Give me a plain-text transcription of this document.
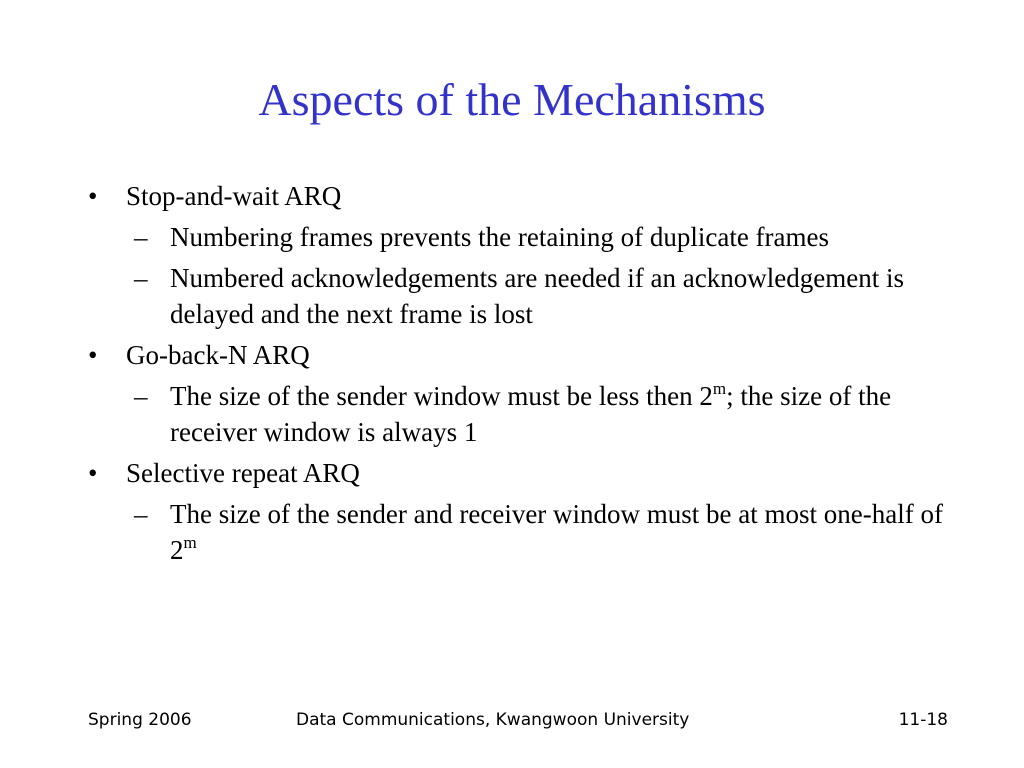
Aspects of the Mechanisms
•	Stop-and-wait ARQ
– Numbering frames prevents the retaining of duplicate frames
– Numbered acknowledgements are needed if an acknowledgement is delayed and the next frame is lost
•	Go-back-N ARQ
– The size of the sender window must be less then 2$^m$; the size of the receiver window is always 1
•	Selective repeat ARQ
– The size of the sender and receiver window must be at most one-half of 2$^m$
Spring 2006	Data Communications, Kwangwoon University	11-18
